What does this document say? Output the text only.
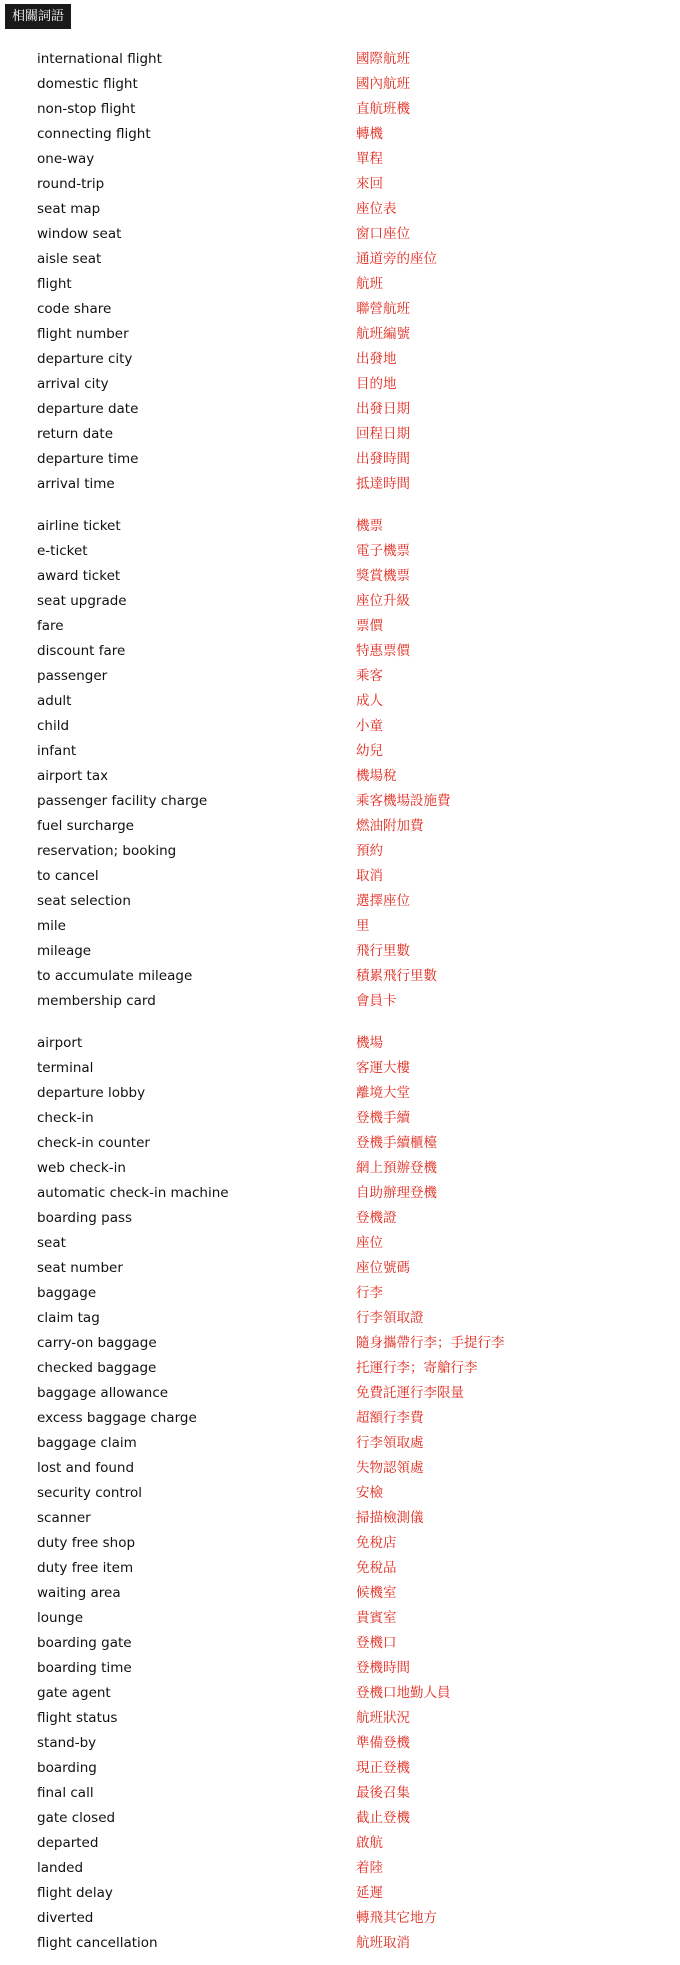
相關詞語
international flight	國際航班
domestic flight	國內航班
non-stop flight	直航班機
connecting flight	轉機
one-way	單程
round-trip	來回
seat map	座位表
window seat	窗口座位
aisle seat	通道旁的座位
flight	航班
code share	聯營航班
flight number	航班編號
departure city	出發地
arrival city	目的地
departure date	出發日期
return date	回程日期
departure time	出發時間
arrival time	抵達時間
airline ticket	機票
e-ticket	電子機票
award ticket	獎賞機票
seat upgrade	座位升級
fare	票價
discount fare	特惠票價
passenger	乘客
adult	成人
child	小童
infant	幼兒
airport tax	機場稅
passenger facility charge	乘客機場設施費
fuel surcharge	燃油附加費
reservation; booking	預約
to cancel	取消
seat selection	選擇座位
mile	里
mileage	飛行里數
to accumulate mileage	積累飛行里數
membership card	會員卡
airport	機場
terminal	客運大樓
departure lobby	離境大堂
check-in	登機手續
check-in counter	登機手續櫃檯
web check-in	網上預辦登機
automatic check-in machine	自助辦理登機
boarding pass	登機證
seat	座位
seat number	座位號碼
baggage	行李
claim tag	行李領取證
carry-on baggage	隨身攜帶行李；手提行李
checked baggage	托運行李；寄艙行李
baggage allowance	免費託運行李限量
excess baggage charge	超額行李費
baggage claim	行李領取處
lost and found	失物認領處
security control	安檢
scanner	掃描檢測儀
duty free shop	免稅店
duty free item	免稅品
waiting area	候機室
lounge	貴賓室
boarding gate	登機口
boarding time	登機時間
gate agent	登機口地勤人員
flight status	航班狀況
stand-by	準備登機
boarding	現正登機
final call	最後召集
gate closed	截止登機
departed	啟航
landed	着陸
flight delay	延遲
diverted	轉飛其它地方
flight cancellation	航班取消
